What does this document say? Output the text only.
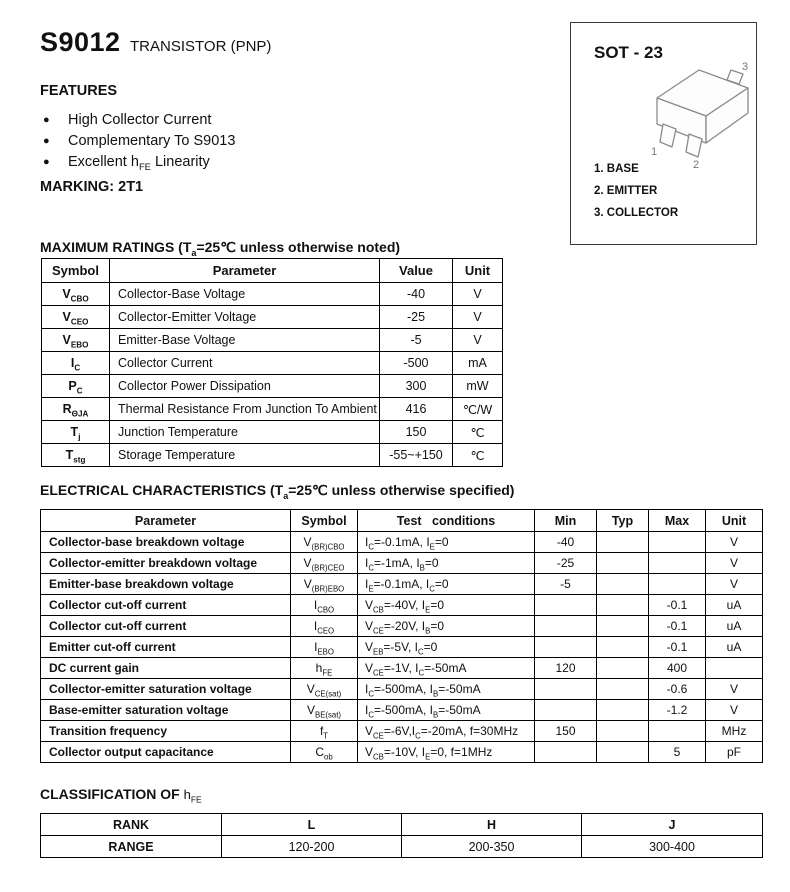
S9012 TRANSISTOR (PNP)
FEATURES
●	High Collector Current
●	Complementary To S9013
●	Excellent $h_{FE}$ Linearity
MARKING: 2T1
SOT - 23
1
2
3
1. BASE
2. EMITTER
3. COLLECTOR
MAXIMUM RATINGS ($T_a=25℃$ unless otherwise noted)
Symbol	Parameter	Value	Unit
$V_{CBO}$	Collector-Base Voltage	-40	V
$V_{CEO}$	Collector-Emitter Voltage	-25	V
$V_{EBO}$	Emitter-Base Voltage	-5	V
$I_C$	Collector Current	-500	mA
$P_C$	Collector Power Dissipation	300	mW
$R_{\Theta JA}$	Thermal Resistance From Junction To Ambient	416	℃/W
$T_j$	Junction Temperature	150	℃
$T_{stg}$	Storage Temperature	-55~+150	℃
ELECTRICAL CHARACTERISTICS ($T_a=25℃$ unless otherwise specified)
Parameter	Symbol	Test   conditions	Min	Typ	Max	Unit
Collector-base breakdown voltage	$V_{(BR)CBO}$	$I_C=-0.1mA$, $I_E=0$	-40			V
Collector-emitter breakdown voltage	$V_{(BR)CEO}$	$I_C=-1mA$, $I_B=0$	-25			V
Emitter-base breakdown voltage	$V_{(BR)EBO}$	$I_E=-0.1mA$, $I_C=0$	-5			V
Collector cut-off current	$I_{CBO}$	$V_{CB}=-40V$, $I_E=0$			-0.1	uA
Collector cut-off current	$I_{CEO}$	$V_{CE}=-20V$, $I_B=0$			-0.1	uA
Emitter cut-off current	$I_{EBO}$	$V_{EB}=-5V$, $I_C=0$			-0.1	uA
DC current gain	$h_{FE}$	$V_{CE}=-1V$, $I_C=-50mA$	120		400	
Collector-emitter saturation voltage	$V_{CE(sat)}$	$I_C=-500mA$, $I_B=-50mA$			-0.6	V
Base-emitter saturation voltage	$V_{BE(sat)}$	$I_C=-500mA$, $I_B=-50mA$			-1.2	V
Transition frequency	$f_T$	$V_{CE}=-6V,I_C=-20mA$, f=30MHz	150			MHz
Collector output capacitance	$C_{ob}$	$V_{CB}=-10V$, $I_E=0$, f=1MHz			5	pF
CLASSIFICATION OF $h_{FE}$
RANK	L	H	J
RANGE	120-200	200-350	300-400
